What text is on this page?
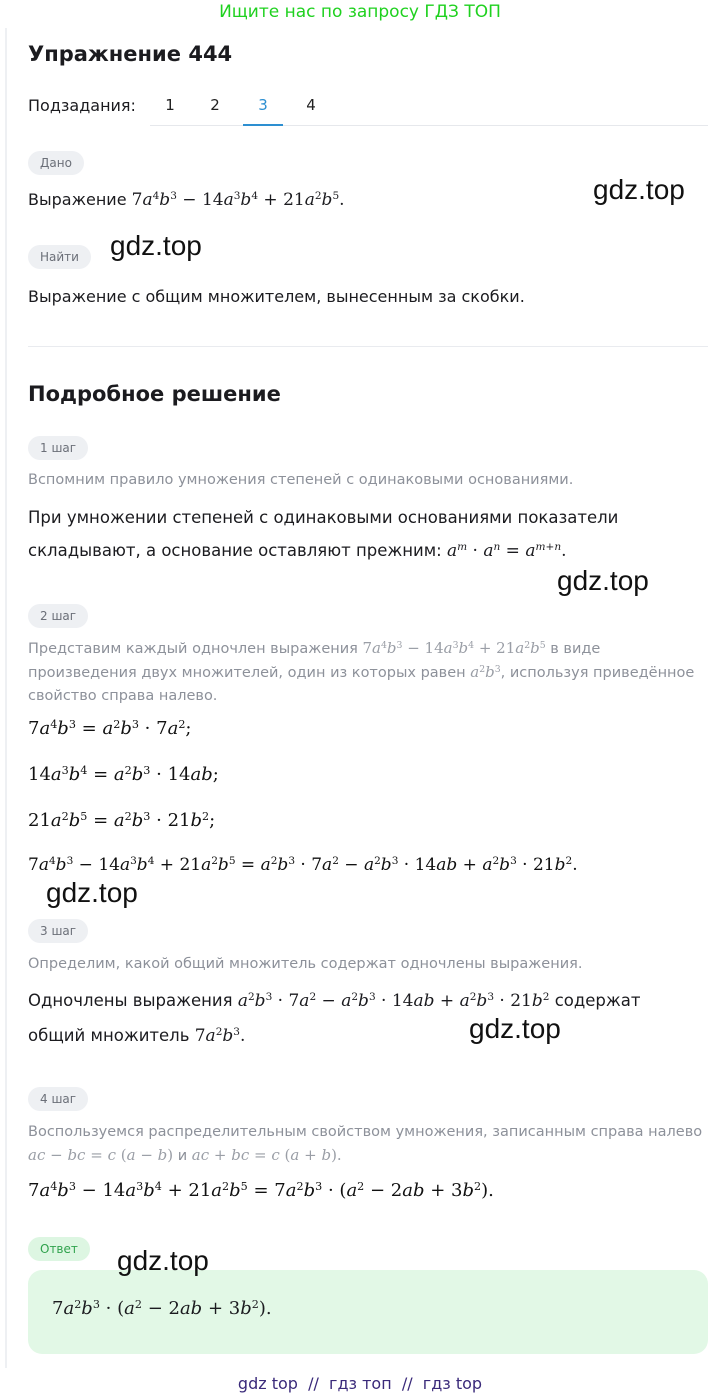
Ищите нас по запросу ГДЗ ТОП
Упражнение 444
Подзадания:	1	2	3	4
Дано
Выражение $7a^4b^3 - 14a^3b^4 + 21a^2b^5$.
Найти
Выражение с общим множителем, вынесенным за скобки.
Подробное решение
1 шаг
Вспомним правило умножения степеней с одинаковыми основаниями.
При умножении степеней с одинаковыми основаниями показатели
складывают, а основание оставляют прежним: $a^m \cdot a^n = a^{m+n}$.
2 шаг
Представим каждый одночлен выражения $7a^4b^3 - 14a^3b^4 + 21a^2b^5$ в виде
произведения двух множителей, один из которых равен $a^2b^3$, используя приведённое
свойство справа налево.
$7a^4b^3 = a^2b^3 \cdot 7a^2$;
$14a^3b^4 = a^2b^3 \cdot 14ab$;
$21a^2b^5 = a^2b^3 \cdot 21b^2$;
$7a^4b^3 - 14a^3b^4 + 21a^2b^5 = a^2b^3 \cdot 7a^2 - a^2b^3 \cdot 14ab + a^2b^3 \cdot 21b^2$.
3 шаг
Определим, какой общий множитель содержат одночлены выражения.
Одночлены выражения $a^2b^3 \cdot 7a^2 - a^2b^3 \cdot 14ab + a^2b^3 \cdot 21b^2$ содержат
общий множитель $7a^2b^3$.
4 шаг
Воспользуемся распределительным свойством умножения, записанным справа налево
ac − bc = c (a − b) и ac + bc = c (a + b).
$7a^4b^3 - 14a^3b^4 + 21a^2b^5 = 7a^2b^3 \cdot (a^2 - 2ab + 3b^2)$.
Ответ
$7a^2b^3 \cdot (a^2 - 2ab + 3b^2)$.
gdz.top
gdz.top
gdz.top
gdz.top
gdz.top
gdz.top
gdz top  //  гдз топ  //  гдз top
